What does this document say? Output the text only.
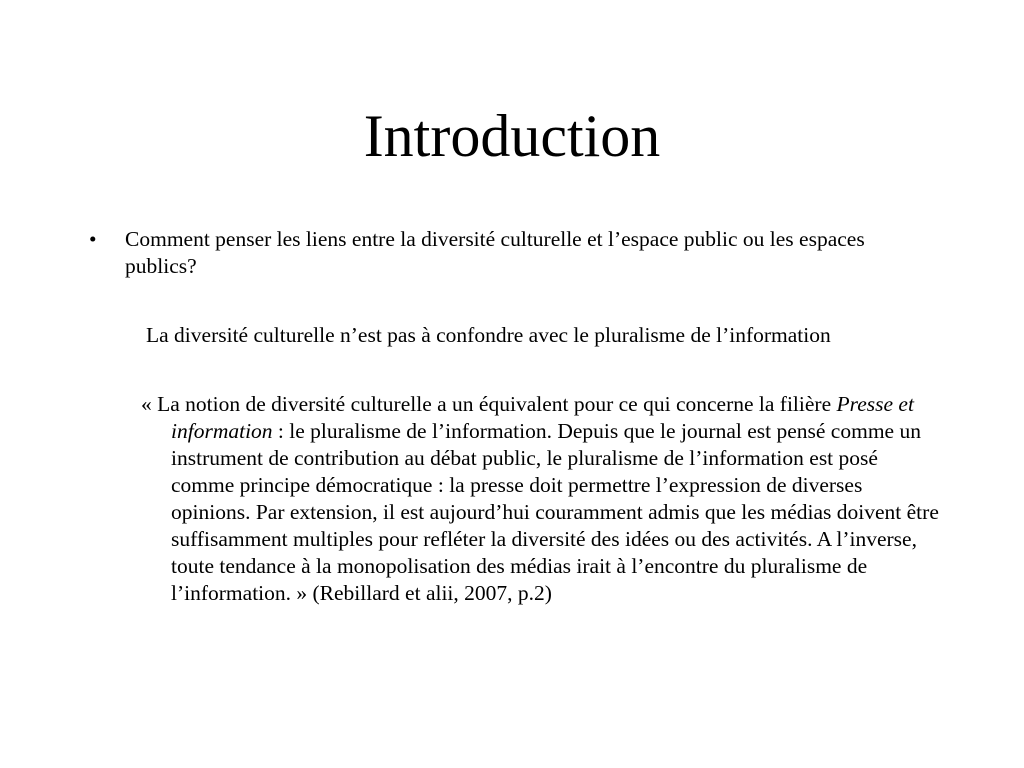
Introduction
• Comment penser les liens entre la diversité culturelle et l’espace public ou les espaces publics?
La diversité culturelle n’est pas à confondre avec le pluralisme de l’information
« La notion de diversité culturelle a un équivalent pour ce qui concerne la filière Presse et information : le pluralisme de l’information. Depuis que le journal est pensé comme un instrument de contribution au débat public, le pluralisme de l’information est posé comme principe démocratique : la presse doit permettre l’expression de diverses opinions. Par extension, il est aujourd’hui couramment admis que les médias doivent être suffisamment multiples pour refléter la diversité des idées ou des activités. A l’inverse, toute tendance à la monopolisation des médias irait à l’encontre du pluralisme de l’information. » (Rebillard et alii, 2007, p.2)
